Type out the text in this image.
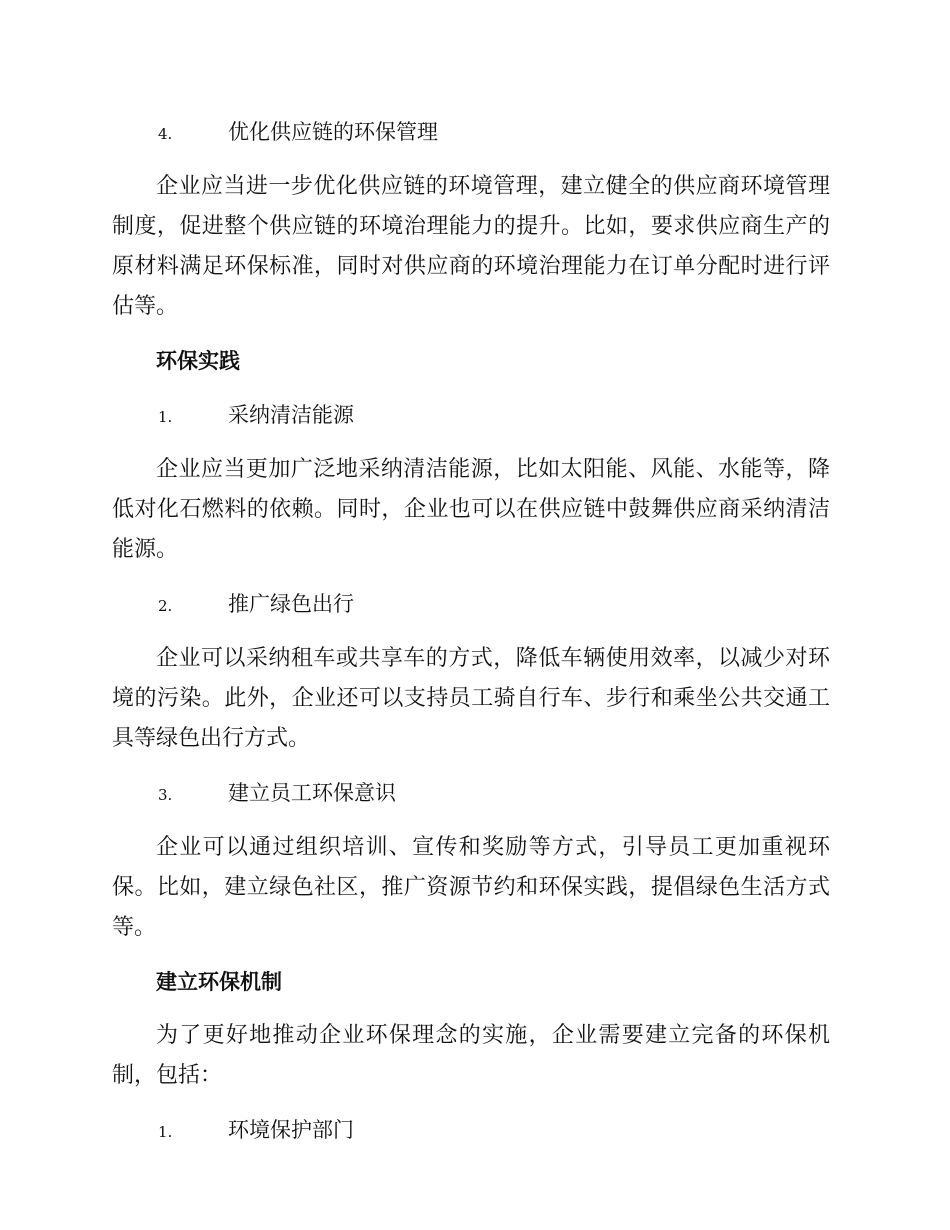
4.	优化供应链的环保管理

企业应当进一步优化供应链的环境管理，建立健全的供应商环境管理制度，促进整个供应链的环境治理能力的提升。比如，要求供应商生产的原材料满足环保标准，同时对供应商的环境治理能力在订单分配时进行评估等。

环保实践

1.	采纳清洁能源

企业应当更加广泛地采纳清洁能源，比如太阳能、风能、水能等，降低对化石燃料的依赖。同时，企业也可以在供应链中鼓舞供应商采纳清洁能源。

2.	推广绿色出行

企业可以采纳租车或共享车的方式，降低车辆使用效率，以减少对环境的污染。此外，企业还可以支持员工骑自行车、步行和乘坐公共交通工具等绿色出行方式。

3.	建立员工环保意识

企业可以通过组织培训、宣传和奖励等方式，引导员工更加重视环保。比如，建立绿色社区，推广资源节约和环保实践，提倡绿色生活方式等。

建立环保机制

为了更好地推动企业环保理念的实施，企业需要建立完备的环保机制，包括：

1.	环境保护部门
